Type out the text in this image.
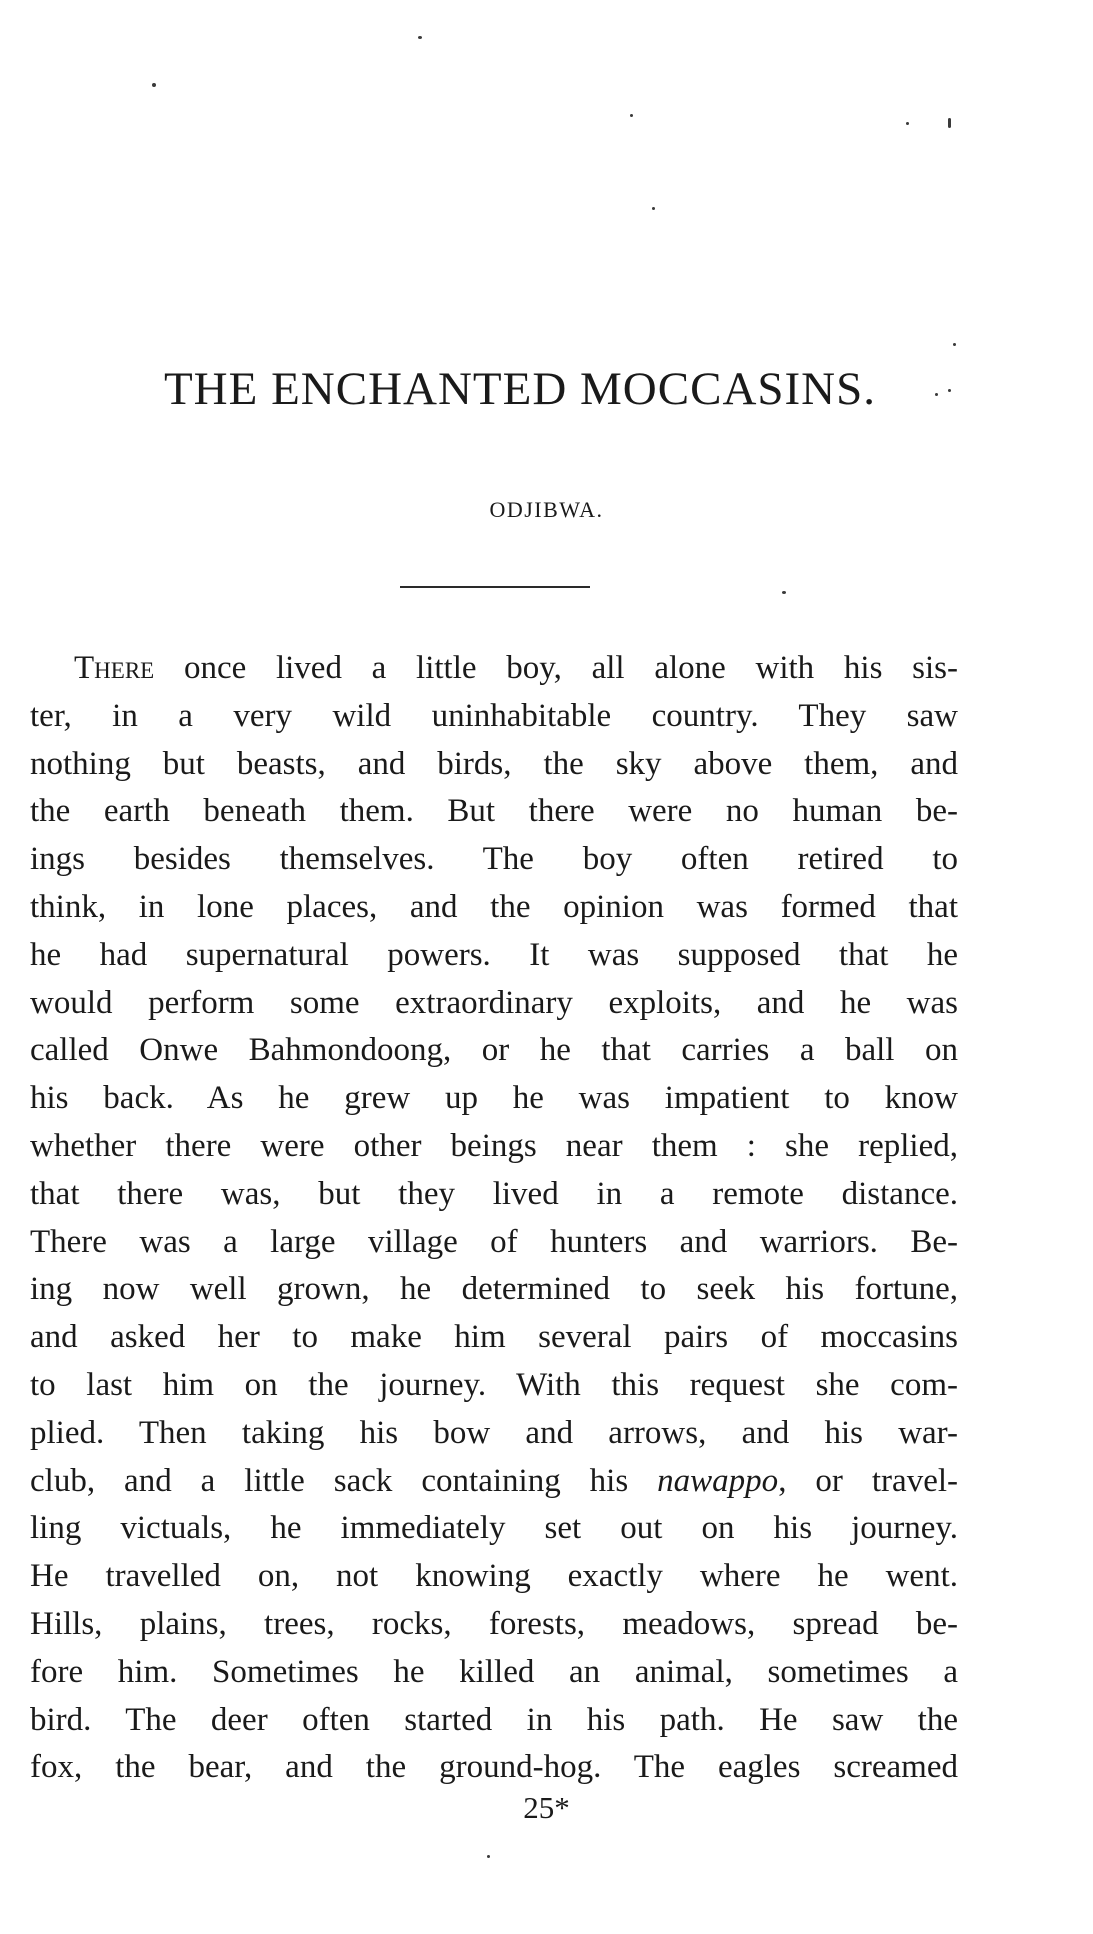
THE ENCHANTED MOCCASINS.

ODJIBWA.

There once lived a little boy, all alone with his sis-
ter, in a very wild uninhabitable country. They saw
nothing but beasts, and birds, the sky above them, and
the earth beneath them. But there were no human be-
ings besides themselves. The boy often retired to
think, in lone places, and the opinion was formed that
he had supernatural powers. It was supposed that he
would perform some extraordinary exploits, and he was
called Onwe Bahmondoong, or he that carries a ball on
his back. As he grew up he was impatient to know
whether there were other beings near them : she replied,
that there was, but they lived in a remote distance.
There was a large village of hunters and warriors. Be-
ing now well grown, he determined to seek his fortune,
and asked her to make him several pairs of moccasins
to last him on the journey. With this request she com-
plied. Then taking his bow and arrows, and his war-
club, and a little sack containing his nawappo, or travel-
ling victuals, he immediately set out on his journey.
He travelled on, not knowing exactly where he went.
Hills, plains, trees, rocks, forests, meadows, spread be-
fore him. Sometimes he killed an animal, sometimes a
bird. The deer often started in his path. He saw the
fox, the bear, and the ground-hog. The eagles screamed
25*
